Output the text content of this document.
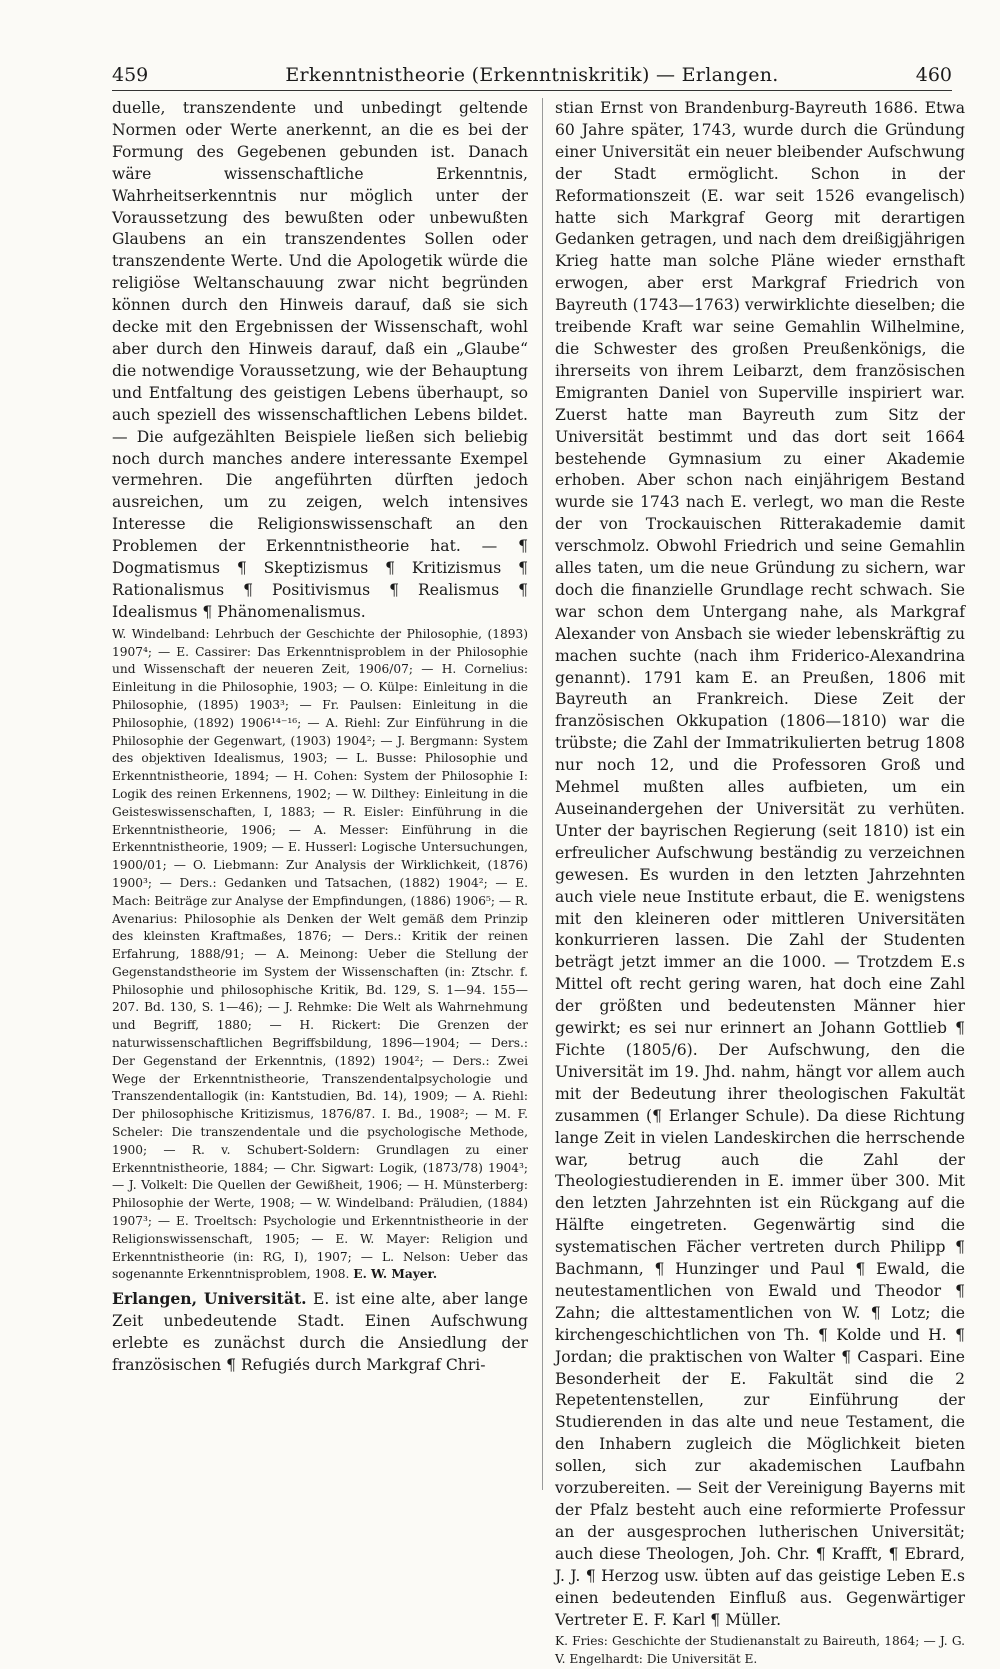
459	Erkenntnistheorie (Erkenntniskritik) — Erlangen.	460

duelle, transzendente und unbedingt geltende Normen oder Werte anerkennt, an die es bei der Formung des Gegebenen gebunden ist. Danach wäre wissenschaftliche Erkenntnis, Wahrheitserkenntnis nur möglich unter der Voraussetzung des bewußten oder unbewußten Glaubens an ein transzendentes Sollen oder transzendente Werte. Und die Apologetik würde die religiöse Weltanschauung zwar nicht begründen können durch den Hinweis darauf, daß sie sich decke mit den Ergebnissen der Wissenschaft, wohl aber durch den Hinweis darauf, daß ein „Glaube“ die notwendige Voraussetzung, wie der Behauptung und Entfaltung des geistigen Lebens überhaupt, so auch speziell des wissenschaftlichen Lebens bildet. — Die aufgezählten Beispiele ließen sich beliebig noch durch manches andere interessante Exempel vermehren. Die angeführten dürften jedoch ausreichen, um zu zeigen, welch intensives Interesse die Religionswissenschaft an den Problemen der Erkenntnistheorie hat. — ¶ Dogmatismus ¶ Skeptizismus ¶ Kritizismus ¶ Rationalismus ¶ Positivismus ¶ Realismus ¶ Idealismus ¶ Phänomenalismus.

W. Windelband: Lehrbuch der Geschichte der Philosophie, (1893) 1907⁴; — E. Cassirer: Das Erkenntnisproblem in der Philosophie und Wissenschaft der neueren Zeit, 1906/07; — H. Cornelius: Einleitung in die Philosophie, 1903; — O. Külpe: Einleitung in die Philosophie, (1895) 1903³; — Fr. Paulsen: Einleitung in die Philosophie, (1892) 1906¹⁴⁻¹⁶; — A. Riehl: Zur Einführung in die Philosophie der Gegenwart, (1903) 1904²; — J. Bergmann: System des objektiven Idealismus, 1903; — L. Busse: Philosophie und Erkenntnistheorie, 1894; — H. Cohen: System der Philosophie I: Logik des reinen Erkennens, 1902; — W. Dilthey: Einleitung in die Geisteswissenschaften, I, 1883; — R. Eisler: Einführung in die Erkenntnistheorie, 1906; — A. Messer: Einführung in die Erkenntnistheorie, 1909; — E. Husserl: Logische Untersuchungen, 1900/01; — O. Liebmann: Zur Analysis der Wirklichkeit, (1876) 1900³; — Ders.: Gedanken und Tatsachen, (1882) 1904²; — E. Mach: Beiträge zur Analyse der Empfindungen, (1886) 1906⁵; — R. Avenarius: Philosophie als Denken der Welt gemäß dem Prinzip des kleinsten Kraftmaßes, 1876; — Ders.: Kritik der reinen Erfahrung, 1888/91; — A. Meinong: Ueber die Stellung der Gegenstandstheorie im System der Wissenschaften (in: Ztschr. f. Philosophie und philosophische Kritik, Bd. 129, S. 1—94. 155—207. Bd. 130, S. 1—46); — J. Rehmke: Die Welt als Wahrnehmung und Begriff, 1880; — H. Rickert: Die Grenzen der naturwissenschaftlichen Begriffsbildung, 1896—1904; — Ders.: Der Gegenstand der Erkenntnis, (1892) 1904²; — Ders.: Zwei Wege der Erkenntnistheorie, Transzendentalpsychologie und Transzendentallogik (in: Kantstudien, Bd. 14), 1909; — A. Riehl: Der philosophische Kritizismus, 1876/87. I. Bd., 1908²; — M. F. Scheler: Die transzendentale und die psychologische Methode, 1900; — R. v. Schubert-Soldern: Grundlagen zu einer Erkenntnistheorie, 1884; — Chr. Sigwart: Logik, (1873/78) 1904³; — J. Volkelt: Die Quellen der Gewißheit, 1906; — H. Münsterberg: Philosophie der Werte, 1908; — W. Windelband: Präludien, (1884) 1907³; — E. Troeltsch: Psychologie und Erkenntnistheorie in der Religionswissenschaft, 1905; — E. W. Mayer: Religion und Erkenntnistheorie (in: RG, I), 1907; — L. Nelson: Ueber das sogenannte Erkenntnisproblem, 1908. E. W. Mayer.

Erlangen, Universität. E. ist eine alte, aber lange Zeit unbedeutende Stadt. Einen Aufschwung erlebte es zunächst durch die Ansiedlung der französischen ¶ Refugiés durch Markgraf Chri-

stian Ernst von Brandenburg-Bayreuth 1686. Etwa 60 Jahre später, 1743, wurde durch die Gründung einer Universität ein neuer bleibender Aufschwung der Stadt ermöglicht. Schon in der Reformationszeit (E. war seit 1526 evangelisch) hatte sich Markgraf Georg mit derartigen Gedanken getragen, und nach dem dreißigjährigen Krieg hatte man solche Pläne wieder ernsthaft erwogen, aber erst Markgraf Friedrich von Bayreuth (1743—1763) verwirklichte dieselben; die treibende Kraft war seine Gemahlin Wilhelmine, die Schwester des großen Preußenkönigs, die ihrerseits von ihrem Leibarzt, dem französischen Emigranten Daniel von Superville inspiriert war. Zuerst hatte man Bayreuth zum Sitz der Universität bestimmt und das dort seit 1664 bestehende Gymnasium zu einer Akademie erhoben. Aber schon nach einjährigem Bestand wurde sie 1743 nach E. verlegt, wo man die Reste der von Trockauischen Ritterakademie damit verschmolz. Obwohl Friedrich und seine Gemahlin alles taten, um die neue Gründung zu sichern, war doch die finanzielle Grundlage recht schwach. Sie war schon dem Untergang nahe, als Markgraf Alexander von Ansbach sie wieder lebenskräftig zu machen suchte (nach ihm Friderico-Alexandrina genannt). 1791 kam E. an Preußen, 1806 mit Bayreuth an Frankreich. Diese Zeit der französischen Okkupation (1806—1810) war die trübste; die Zahl der Immatrikulierten betrug 1808 nur noch 12, und die Professoren Groß und Mehmel mußten alles aufbieten, um ein Auseinandergehen der Universität zu verhüten. Unter der bayrischen Regierung (seit 1810) ist ein erfreulicher Aufschwung beständig zu verzeichnen gewesen. Es wurden in den letzten Jahrzehnten auch viele neue Institute erbaut, die E. wenigstens mit den kleineren oder mittleren Universitäten konkurrieren lassen. Die Zahl der Studenten beträgt jetzt immer an die 1000. — Trotzdem E.s Mittel oft recht gering waren, hat doch eine Zahl der größten und bedeutensten Männer hier gewirkt; es sei nur erinnert an Johann Gottlieb ¶ Fichte (1805/6). Der Aufschwung, den die Universität im 19. Jhd. nahm, hängt vor allem auch mit der Bedeutung ihrer theologischen Fakultät zusammen (¶ Erlanger Schule). Da diese Richtung lange Zeit in vielen Landeskirchen die herrschende war, betrug auch die Zahl der Theologiestudierenden in E. immer über 300. Mit den letzten Jahrzehnten ist ein Rückgang auf die Hälfte eingetreten. Gegenwärtig sind die systematischen Fächer vertreten durch Philipp ¶ Bachmann, ¶ Hunzinger und Paul ¶ Ewald, die neutestamentlichen von Ewald und Theodor ¶ Zahn; die alttestamentlichen von W. ¶ Lotz; die kirchengeschichtlichen von Th. ¶ Kolde und H. ¶ Jordan; die praktischen von Walter ¶ Caspari. Eine Besonderheit der E. Fakultät sind die 2 Repetentenstellen, zur Einführung der Studierenden in das alte und neue Testament, die den Inhabern zugleich die Möglichkeit bieten sollen, sich zur akademischen Laufbahn vorzubereiten. — Seit der Vereinigung Bayerns mit der Pfalz besteht auch eine reformierte Professur an der ausgesprochen lutherischen Universität; auch diese Theologen, Joh. Chr. ¶ Krafft, ¶ Ebrard, J. J. ¶ Herzog usw. übten auf das geistige Leben E.s einen bedeutenden Einfluß aus. Gegenwärtiger Vertreter E. F. Karl ¶ Müller.

K. Fries: Geschichte der Studienanstalt zu Baireuth, 1864; — J. G. V. Engelhardt: Die Universität E.
